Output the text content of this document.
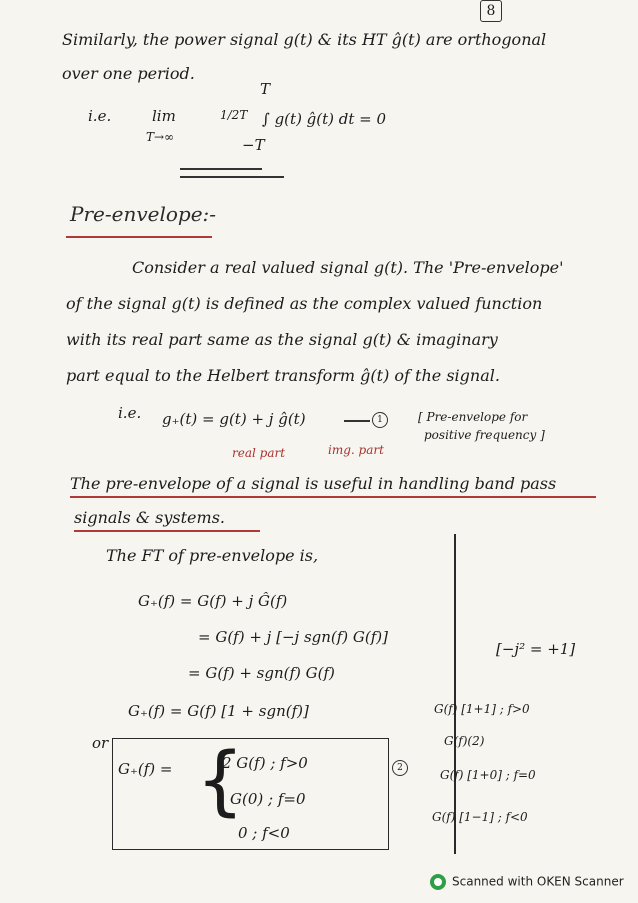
8
Similarly, the power signal g(t) & its HT ĝ(t) are orthogonal
over one period.
i.e.	lim
T→∞
1/2T
T
−T
∫ g(t) ĝ(t) dt = 0
Pre-envelope:-
Consider a real valued signal g(t). The 'Pre-envelope'
of the signal g(t) is defined as the complex valued function
with its real part same as the signal g(t) & imaginary
part equal to the Helbert transform ĝ(t) of the signal.
i.e. g₊(t) = g(t) + j ĝ(t)	1
real part	img. part
[ Pre-envelope for
positive frequency ]
The pre-envelope of a signal is useful in handling band pass
signals & systems.
The FT of pre-envelope is,
G₊(f) = G(f) + j Ĝ(f)
= G(f) + j [−j sgn(f) G(f)]
= G(f) + sgn(f) G(f)
G₊(f) = G(f) [1 + sgn(f)]
or
G₊(f) = {
2 G(f) ; f>0
G(0) ; f=0
0 ; f<0
2
[−j² = +1]
G(f) [1+1] ; f>0
G(f)(2)
G(f) [1+0] ; f=0
G(f) [1−1] ; f<0
Scanned with OKEN Scanner
